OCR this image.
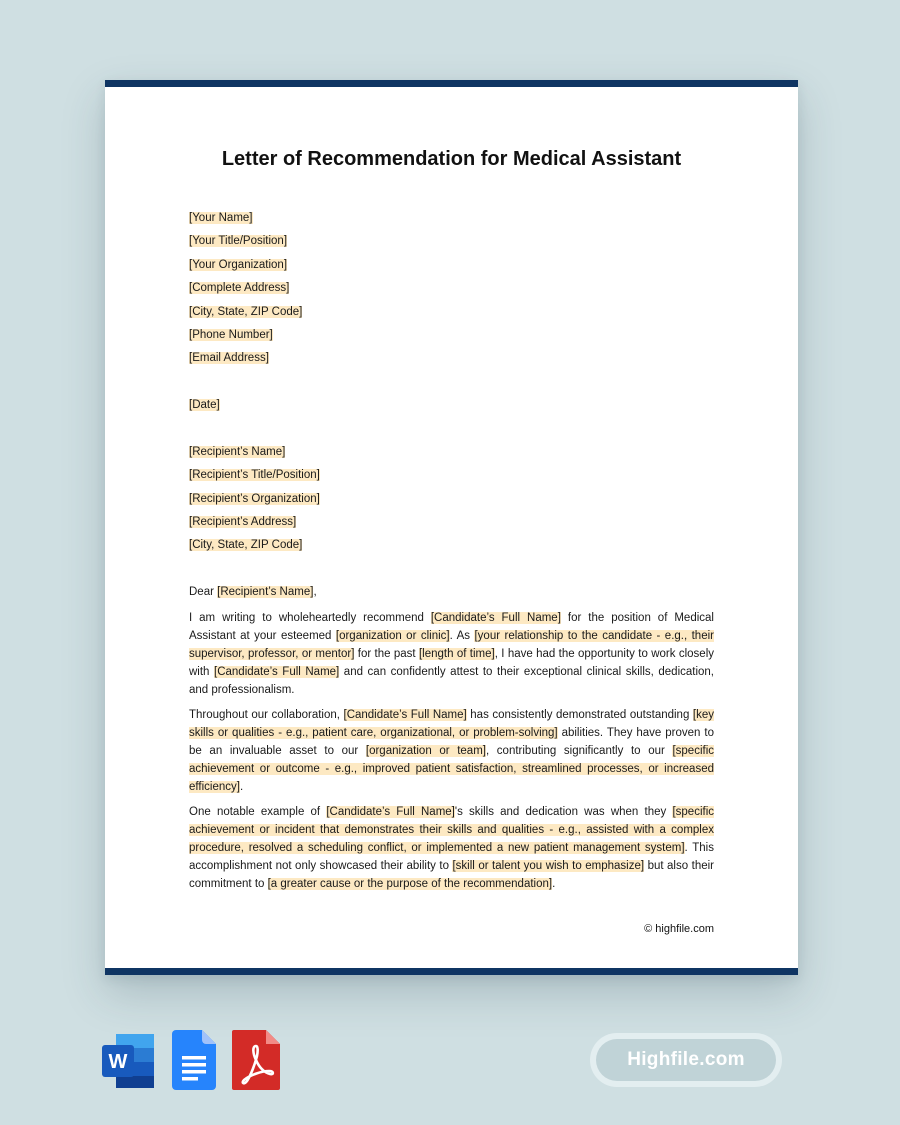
Letter of Recommendation for Medical Assistant
[Your Name]
[Your Title/Position]
[Your Organization]
[Complete Address]
[City, State, ZIP Code]
[Phone Number]
[Email Address]
[Date]
[Recipient’s Name]
[Recipient’s Title/Position]
[Recipient’s Organization]
[Recipient’s Address]
[City, State, ZIP Code]
Dear [Recipient’s Name],

I am writing to wholeheartedly recommend [Candidate’s Full Name] for the position of Medical Assistant at your esteemed [organization or clinic]. As [your relationship to the candidate - e.g., their supervisor, professor, or mentor] for the past [length of time], I have had the opportunity to work closely with [Candidate’s Full Name] and can confidently attest to their exceptional clinical skills, dedication, and professionalism.

Throughout our collaboration, [Candidate’s Full Name] has consistently demonstrated outstanding [key skills or qualities - e.g., patient care, organizational, or problem-solving] abilities. They have proven to be an invaluable asset to our [organization or team], contributing significantly to our [specific achievement or outcome - e.g., improved patient satisfaction, streamlined processes, or increased efficiency].

One notable example of [Candidate’s Full Name]'s skills and dedication was when they [specific achievement or incident that demonstrates their skills and qualities - e.g., assisted with a complex procedure, resolved a scheduling conflict, or implemented a new patient management system]. This accomplishment not only showcased their ability to [skill or talent you wish to emphasize] but also their commitment to [a greater cause or the purpose of the recommendation].

© highfile.com
W	Highfile.com
